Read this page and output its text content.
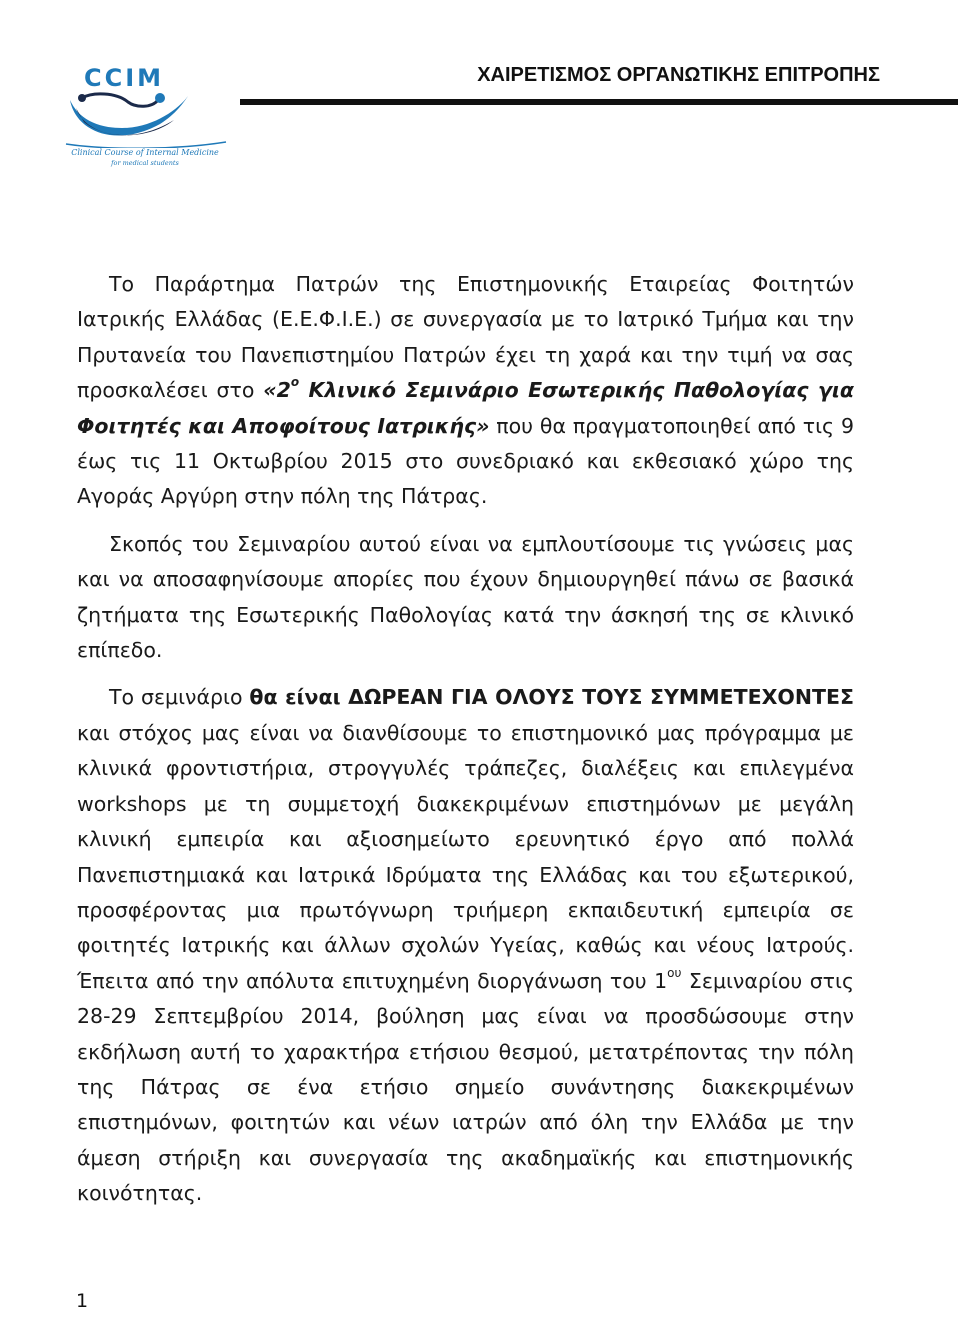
CCIM
Clinical Course of Internal Medicine
for medical students
ΧΑΙΡΕΤΙΣΜΟΣ ΟΡΓΑΝΩΤΙΚΗΣ ΕΠΙΤΡΟΠΗΣ

Το Παράρτημα Πατρών της Επιστημονικής Εταιρείας Φοιτητών Ιατρικής Ελλάδας (Ε.Ε.Φ.Ι.Ε.) σε συνεργασία με το Ιατρικό Τμήμα και την Πρυτανεία του Πανεπιστημίου Πατρών έχει τη χαρά και την τιμή να σας προσκαλέσει στο «$2^o$ Κλινικό Σεμινάριο Εσωτερικής Παθολογίας για Φοιτητές και Αποφοίτους Ιατρικής» που θα πραγματοποιηθεί από τις 9 έως τις 11 Οκτωβρίου 2015 στο συνεδριακό και εκθεσιακό χώρο της Αγοράς Αργύρη στην πόλη της Πάτρας.

Σκοπός του Σεμιναρίου αυτού είναι να εμπλουτίσουμε τις γνώσεις μας και να αποσαφηνίσουμε απορίες που έχουν δημιουργηθεί πάνω σε βασικά ζητήματα της Εσωτερικής Παθολογίας κατά την άσκησή της σε κλινικό επίπεδο.

Το σεμινάριο θα είναι ΔΩΡΕΑΝ ΓΙΑ ΟΛΟΥΣ ΤΟΥΣ ΣΥΜΜΕΤΕΧΟΝΤΕΣ και στόχος μας είναι να διανθίσουμε το επιστημονικό μας πρόγραμμα με κλινικά φροντιστήρια, στρογγυλές τράπεζες, διαλέξεις και επιλεγμένα workshops με τη συμμετοχή διακεκριμένων επιστημόνων με μεγάλη κλινική εμπειρία και αξιοσημείωτο ερευνητικό έργο από πολλά Πανεπιστημιακά και Ιατρικά Ιδρύματα της Ελλάδας και του εξωτερικού, προσφέροντας μια πρωτόγνωρη τριήμερη εκπαιδευτική εμπειρία σε φοιτητές Ιατρικής και άλλων σχολών Υγείας, καθώς και νέους Ιατρούς. Έπειτα από την απόλυτα επιτυχημένη διοργάνωση του $1^{o\upsilon}$ Σεμιναρίου στις 28-29 Σεπτεμβρίου 2014, βούληση μας είναι να προσδώσουμε στην εκδήλωση αυτή το χαρακτήρα ετήσιου θεσμού, μετατρέποντας την πόλη της Πάτρας σε ένα ετήσιο σημείο συνάντησης διακεκριμένων επιστημόνων, φοιτητών και νέων ιατρών από όλη την Ελλάδα με την άμεση στήριξη και συνεργασία της ακαδημαϊκής και επιστημονικής κοινότητας.

1
